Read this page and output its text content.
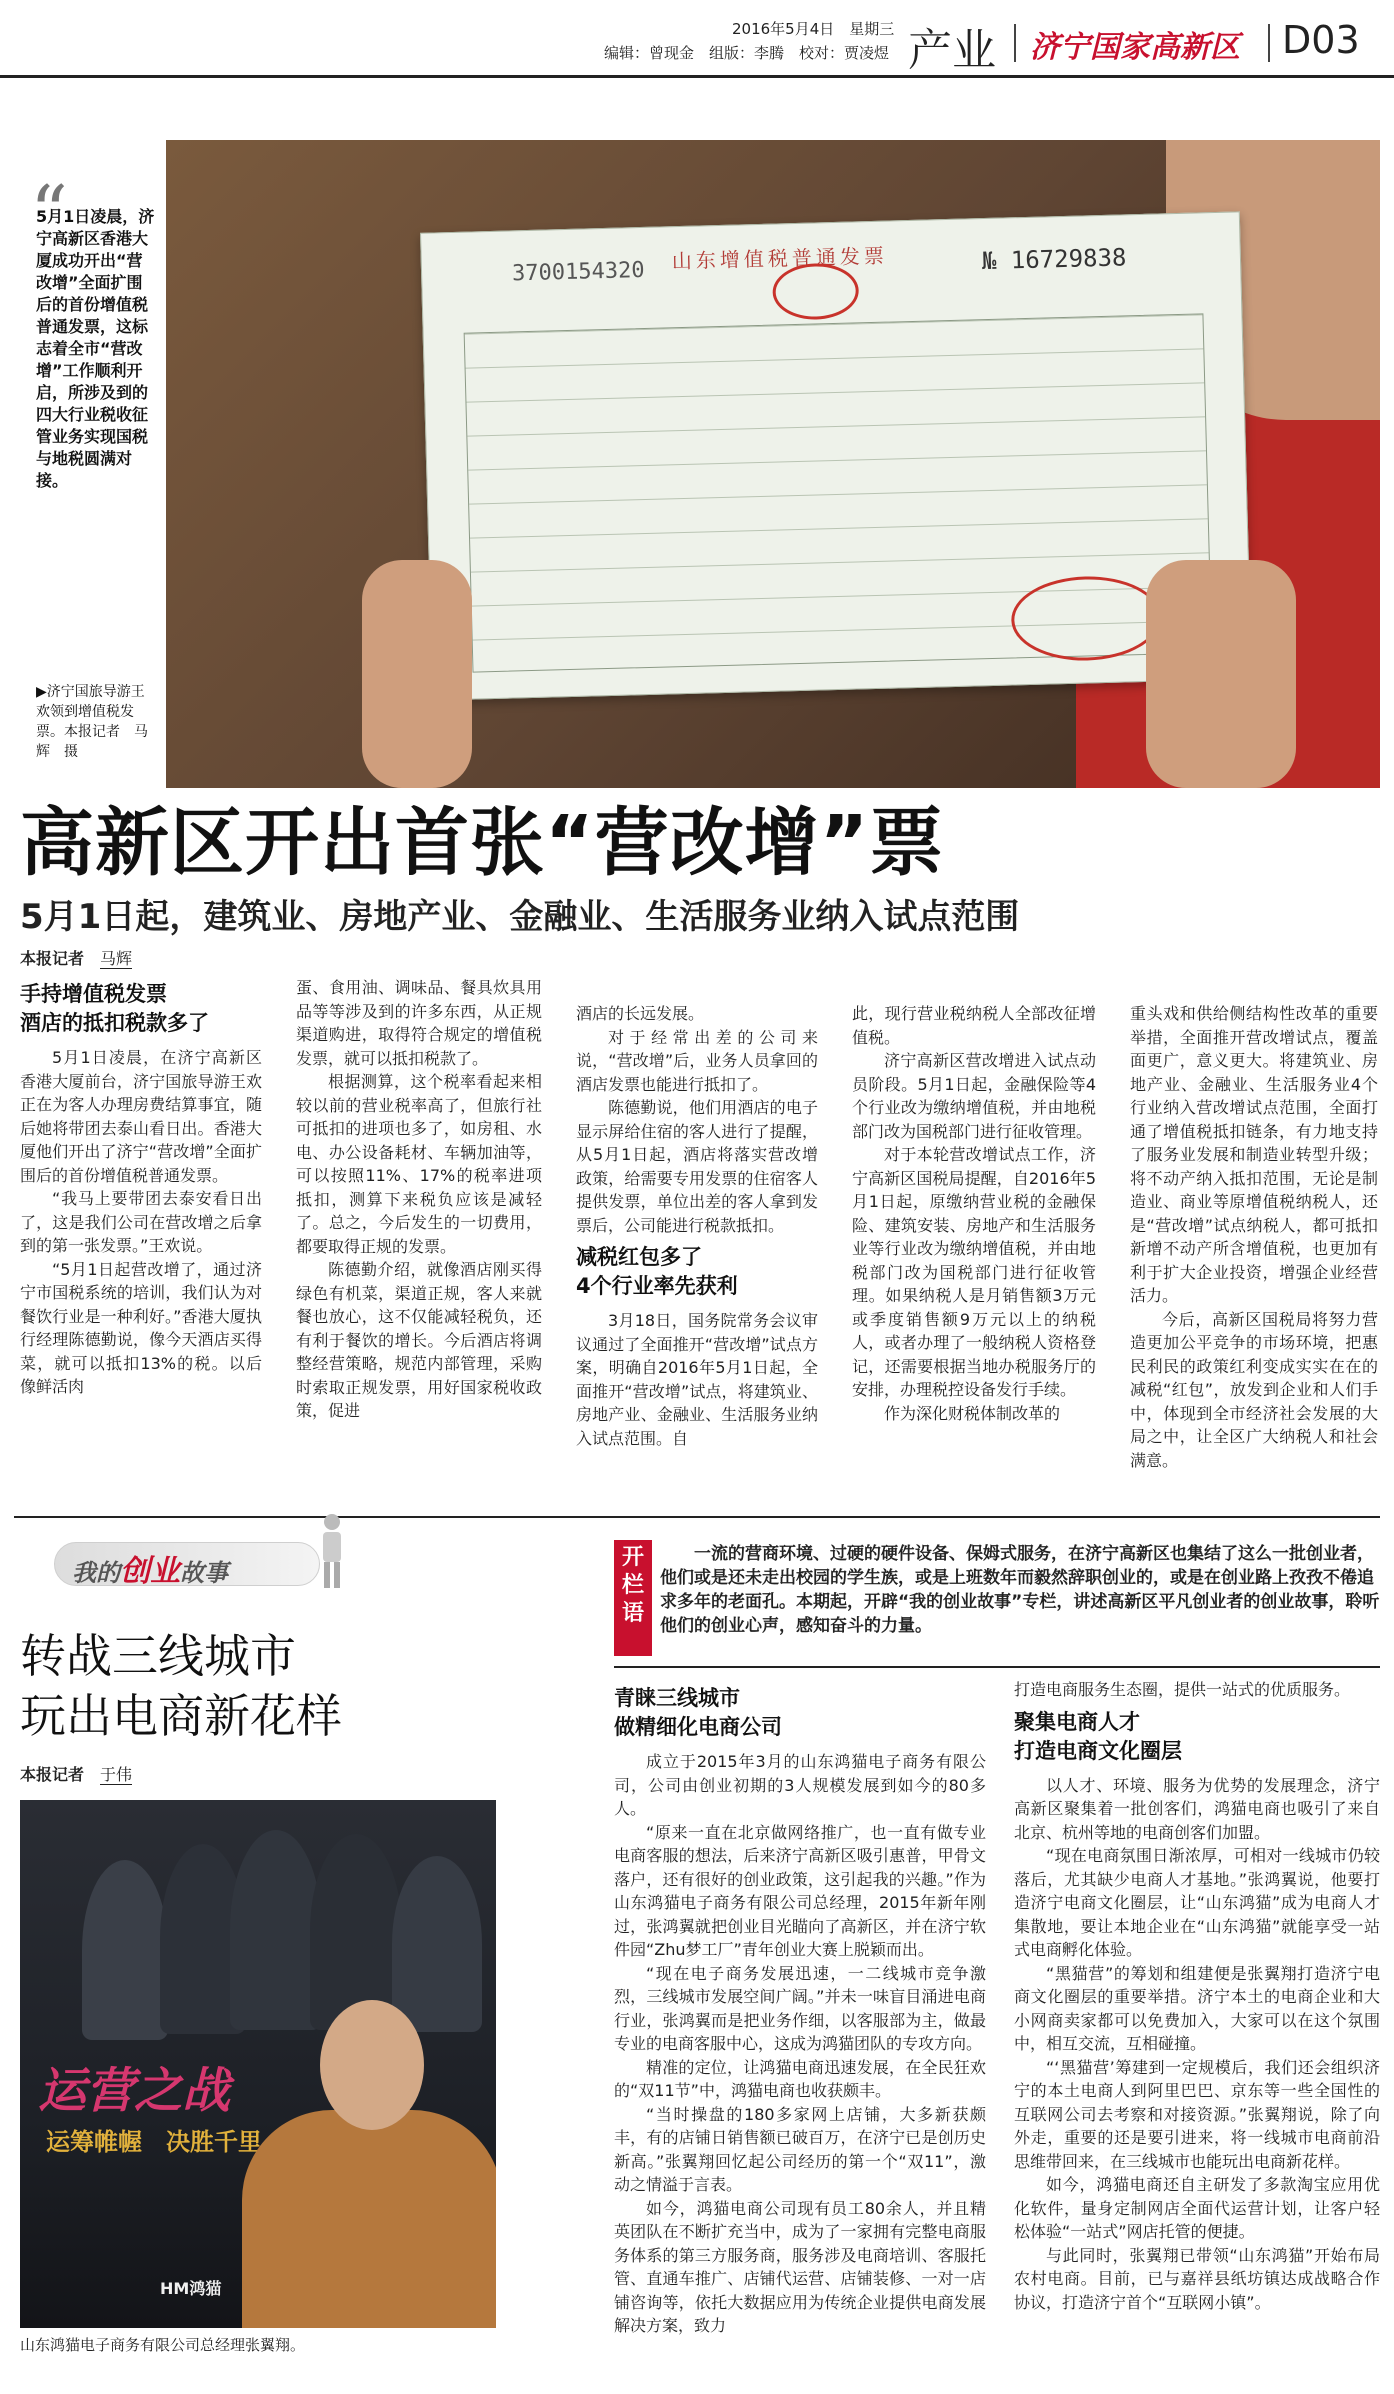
2016年5月4日　星期三
编辑：曾现金　组版：李腾　校对：贾凌煜 产业 济宁国家高新区 D03
“
5月1日凌晨，济宁高新区香港大厦成功开出“营改增”全面扩围后的首份增值税普通发票，这标志着全市“营改增”工作顺利开启，所涉及到的四大行业税收征管业务实现国税与地税圆满对接。
▶济宁国旅导游王欢领到增值税发票。本报记者　马辉　摄
3700154320 山东增值税普通发票	№ 16729838
高新区开出首张“营改增”票
5月1日起，建筑业、房地产业、金融业、生活服务业纳入试点范围
本报记者　马辉
手持增值税发票
酒店的抵扣税款多了

5月1日凌晨，在济宁高新区香港大厦前台，济宁国旅导游王欢正在为客人办理房费结算事宜，随后她将带团去泰山看日出。香港大厦他们开出了济宁“营改增”全面扩围后的首份增值税普通发票。

“我马上要带团去泰安看日出了，这是我们公司在营改增之后拿到的第一张发票。”王欢说。

“5月1日起营改增了，通过济宁市国税系统的培训，我们认为对餐饮行业是一种利好。”香港大厦执行经理陈德勤说，像今天酒店买得菜，就可以抵扣13%的税。以后像鲜活肉

蛋、食用油、调味品、餐具炊具用品等等涉及到的许多东西，从正规渠道购进，取得符合规定的增值税发票，就可以抵扣税款了。

根据测算，这个税率看起来相较以前的营业税率高了，但旅行社可抵扣的进项也多了，如房租、水电、办公设备耗材、车辆加油等，可以按照11%、17%的税率进项抵扣，测算下来税负应该是减轻了。总之，今后发生的一切费用，都要取得正规的发票。

陈德勤介绍，就像酒店刚买得绿色有机菜，渠道正规，客人来就餐也放心，这不仅能减轻税负，还有利于餐饮的增长。今后酒店将调整经营策略，规范内部管理，采购时索取正规发票，用好国家税收政策，促进

酒店的长远发展。

对于经常出差的公司来说，“营改增”后，业务人员拿回的酒店发票也能进行抵扣了。

陈德勤说，他们用酒店的电子显示屏给住宿的客人进行了提醒，从5月1日起，酒店将落实营改增政策，给需要专用发票的住宿客人提供发票，单位出差的客人拿到发票后，公司能进行税款抵扣。

减税红包多了
4个行业率先获利

3月18日，国务院常务会议审议通过了全面推开“营改增”试点方案，明确自2016年5月1日起，全面推开“营改增”试点，将建筑业、房地产业、金融业、生活服务业纳入试点范围。自

此，现行营业税纳税人全部改征增值税。

济宁高新区营改增进入试点动员阶段。5月1日起，金融保险等4个行业改为缴纳增值税，并由地税部门改为国税部门进行征收管理。

对于本轮营改增试点工作，济宁高新区国税局提醒，自2016年5月1日起，原缴纳营业税的金融保险、建筑安装、房地产和生活服务业等行业改为缴纳增值税，并由地税部门改为国税部门进行征收管理。如果纳税人是月销售额3万元或季度销售额9万元以上的纳税人，或者办理了一般纳税人资格登记，还需要根据当地办税服务厅的安排，办理税控设备发行手续。

作为深化财税体制改革的

重头戏和供给侧结构性改革的重要举措，全面推开营改增试点，覆盖面更广，意义更大。将建筑业、房地产业、金融业、生活服务业4个行业纳入营改增试点范围，全面打通了增值税抵扣链条，有力地支持了服务业发展和制造业转型升级；将不动产纳入抵扣范围，无论是制造业、商业等原增值税纳税人，还是“营改增”试点纳税人，都可抵扣新增不动产所含增值税，也更加有利于扩大企业投资，增强企业经营活力。

今后，高新区国税局将努力营造更加公平竞争的市场环境，把惠民利民的政策红利变成实实在在的减税“红包”，放发到企业和人们手中，体现到全市经济社会发展的大局之中，让全区广大纳税人和社会满意。

我的创业故事
开栏语
一流的营商环境、过硬的硬件设备、保姆式服务，在济宁高新区也集结了这么一批创业者，他们或是还未走出校园的学生族，或是上班数年而毅然辞职创业的，或是在创业路上孜孜不倦追求多年的老面孔。本期起，开辟“我的创业故事”专栏，讲述高新区平凡创业者的创业故事，聆听他们的创业心声，感知奋斗的力量。
转战三线城市
玩出电商新花样
本报记者　于伟
运营之战
运筹帷幄　决胜千里
HM鸿猫
山东鸿猫电子商务有限公司总经理张翼翔。
青睐三线城市
做精细化电商公司

成立于2015年3月的山东鸿猫电子商务有限公司，公司由创业初期的3人规模发展到如今的80多人。

“原来一直在北京做网络推广，也一直有做专业电商客服的想法，后来济宁高新区吸引惠普，甲骨文落户，还有很好的创业政策，这引起我的兴趣。”作为山东鸿猫电子商务有限公司总经理，2015年新年刚过，张鸿翼就把创业目光瞄向了高新区，并在济宁软件园“Zhu梦工厂”青年创业大赛上脱颖而出。

“现在电子商务发展迅速，一二线城市竞争激烈，三线城市发展空间广阔。”并未一味盲目涌进电商行业，张鸿翼而是把业务作细，以客服部为主，做最专业的电商客服中心，这成为鸿猫团队的专攻方向。

精准的定位，让鸿猫电商迅速发展，在全民狂欢的“双11节”中，鸿猫电商也收获颇丰。

“当时操盘的180多家网上店铺，大多新获颇丰，有的店铺日销售额已破百万，在济宁已是创历史新高。”张翼翔回忆起公司经历的第一个“双11”，激动之情溢于言表。

如今，鸿猫电商公司现有员工80余人，并且精英团队在不断扩充当中，成为了一家拥有完整电商服务体系的第三方服务商，服务涉及电商培训、客服托管、直通车推广、店铺代运营、店铺装修、一对一店铺咨询等，依托大数据应用为传统企业提供电商发展解决方案，致力

打造电商服务生态圈，提供一站式的优质服务。

聚集电商人才
打造电商文化圈层

以人才、环境、服务为优势的发展理念，济宁高新区聚集着一批创客们，鸿猫电商也吸引了来自北京、杭州等地的电商创客们加盟。

“现在电商氛围日渐浓厚，可相对一线城市仍较落后，尤其缺少电商人才基地。”张鸿翼说，他要打造济宁电商文化圈层，让“山东鸿猫”成为电商人才集散地，要让本地企业在“山东鸿猫”就能享受一站式电商孵化体验。

“黑猫营”的筹划和组建便是张翼翔打造济宁电商文化圈层的重要举措。济宁本土的电商企业和大小网商卖家都可以免费加入，大家可以在这个氛围中，相互交流，互相碰撞。

“‘黑猫营’筹建到一定规模后，我们还会组织济宁的本土电商人到阿里巴巴、京东等一些全国性的互联网公司去考察和对接资源。”张翼翔说，除了向外走，重要的还是要引进来，将一线城市电商前沿思维带回来，在三线城市也能玩出电商新花样。

如今，鸿猫电商还自主研发了多款淘宝应用优化软件，量身定制网店全面代运营计划，让客户轻松体验“一站式”网店托管的便捷。

与此同时，张翼翔已带领“山东鸿猫”开始布局农村电商。目前，已与嘉祥县纸坊镇达成战略合作协议，打造济宁首个“互联网小镇”。
